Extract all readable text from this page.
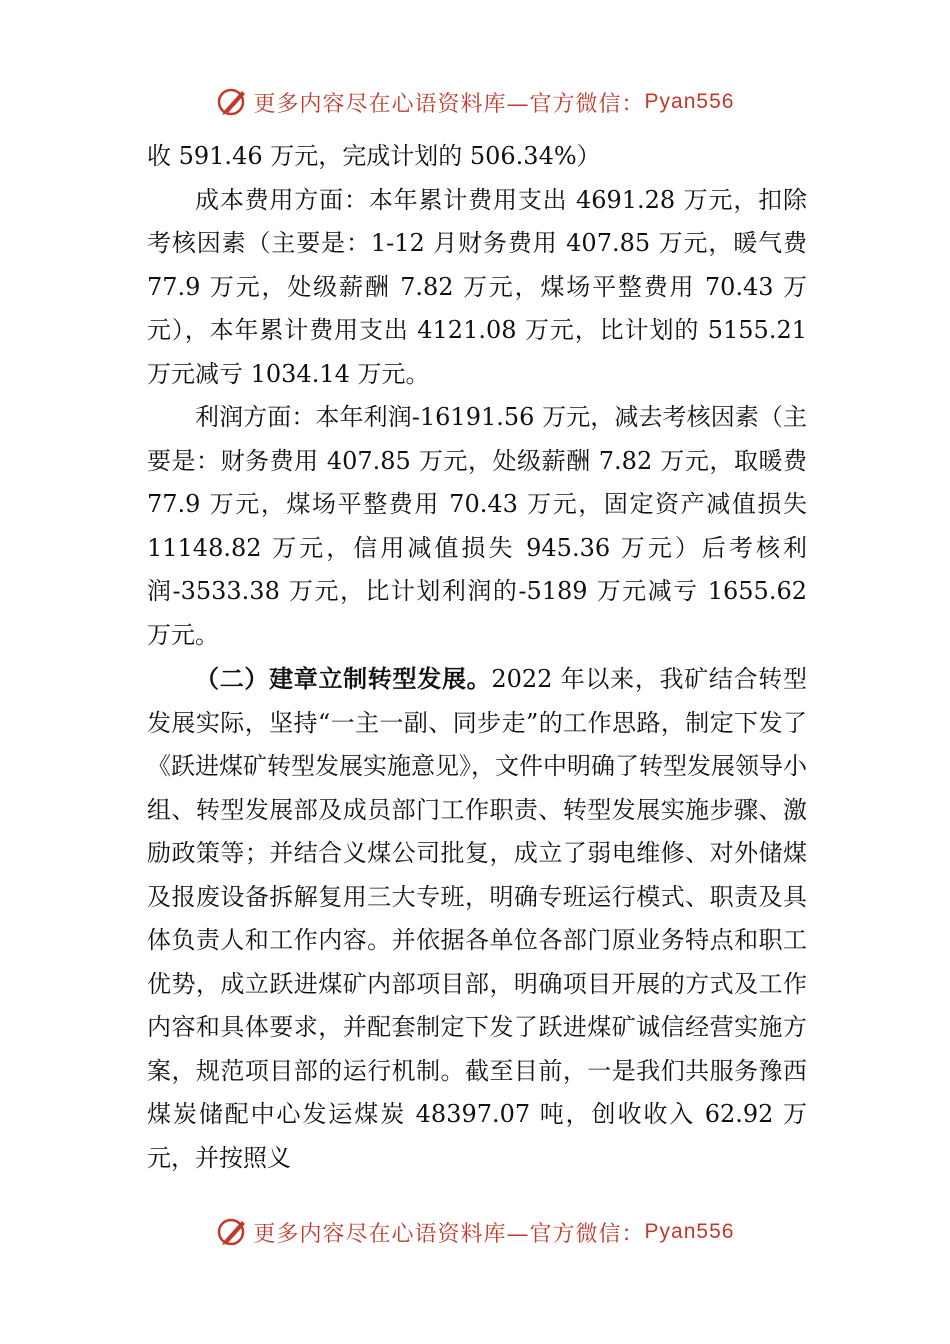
更多内容尽在心语资料库—官方微信： Pyan556

收 591.46 万元，完成计划的 506.34%）

成本费用方面：本年累计费用支出 4691.28 万元，扣除考核因素（主要是：1-12 月财务费用 407.85 万元，暖气费 77.9 万元，处级薪酬 7.82 万元，煤场平整费用 70.43 万元），本年累计费用支出 4121.08 万元，比计划的 5155.21 万元减亏 1034.14 万元。

利润方面：本年利润-16191.56 万元，减去考核因素（主要是：财务费用 407.85 万元，处级薪酬 7.82 万元，取暖费 77.9 万元，煤场平整费用 70.43 万元，固定资产减值损失 11148.82 万元，信用减值损失 945.36 万元）后考核利润-3533.38 万元，比计划利润的-5189 万元减亏 1655.62 万元。

（二）建章立制转型发展。2022 年以来，我矿结合转型发展实际，坚持“一主一副、同步走”的工作思路，制定下发了《跃进煤矿转型发展实施意见》，文件中明确了转型发展领导小组、转型发展部及成员部门工作职责、转型发展实施步骤、激励政策等；并结合义煤公司批复，成立了弱电维修、对外储煤及报废设备拆解复用三大专班，明确专班运行模式、职责及具体负责人和工作内容。并依据各单位各部门原业务特点和职工优势，成立跃进煤矿内部项目部，明确项目开展的方式及工作内容和具体要求，并配套制定下发了跃进煤矿诚信经营实施方案，规范项目部的运行机制。截至目前，一是我们共服务豫西煤炭储配中心发运煤炭 48397.07 吨，创收收入 62.92 万元，并按照义

更多内容尽在心语资料库—官方微信： Pyan556
